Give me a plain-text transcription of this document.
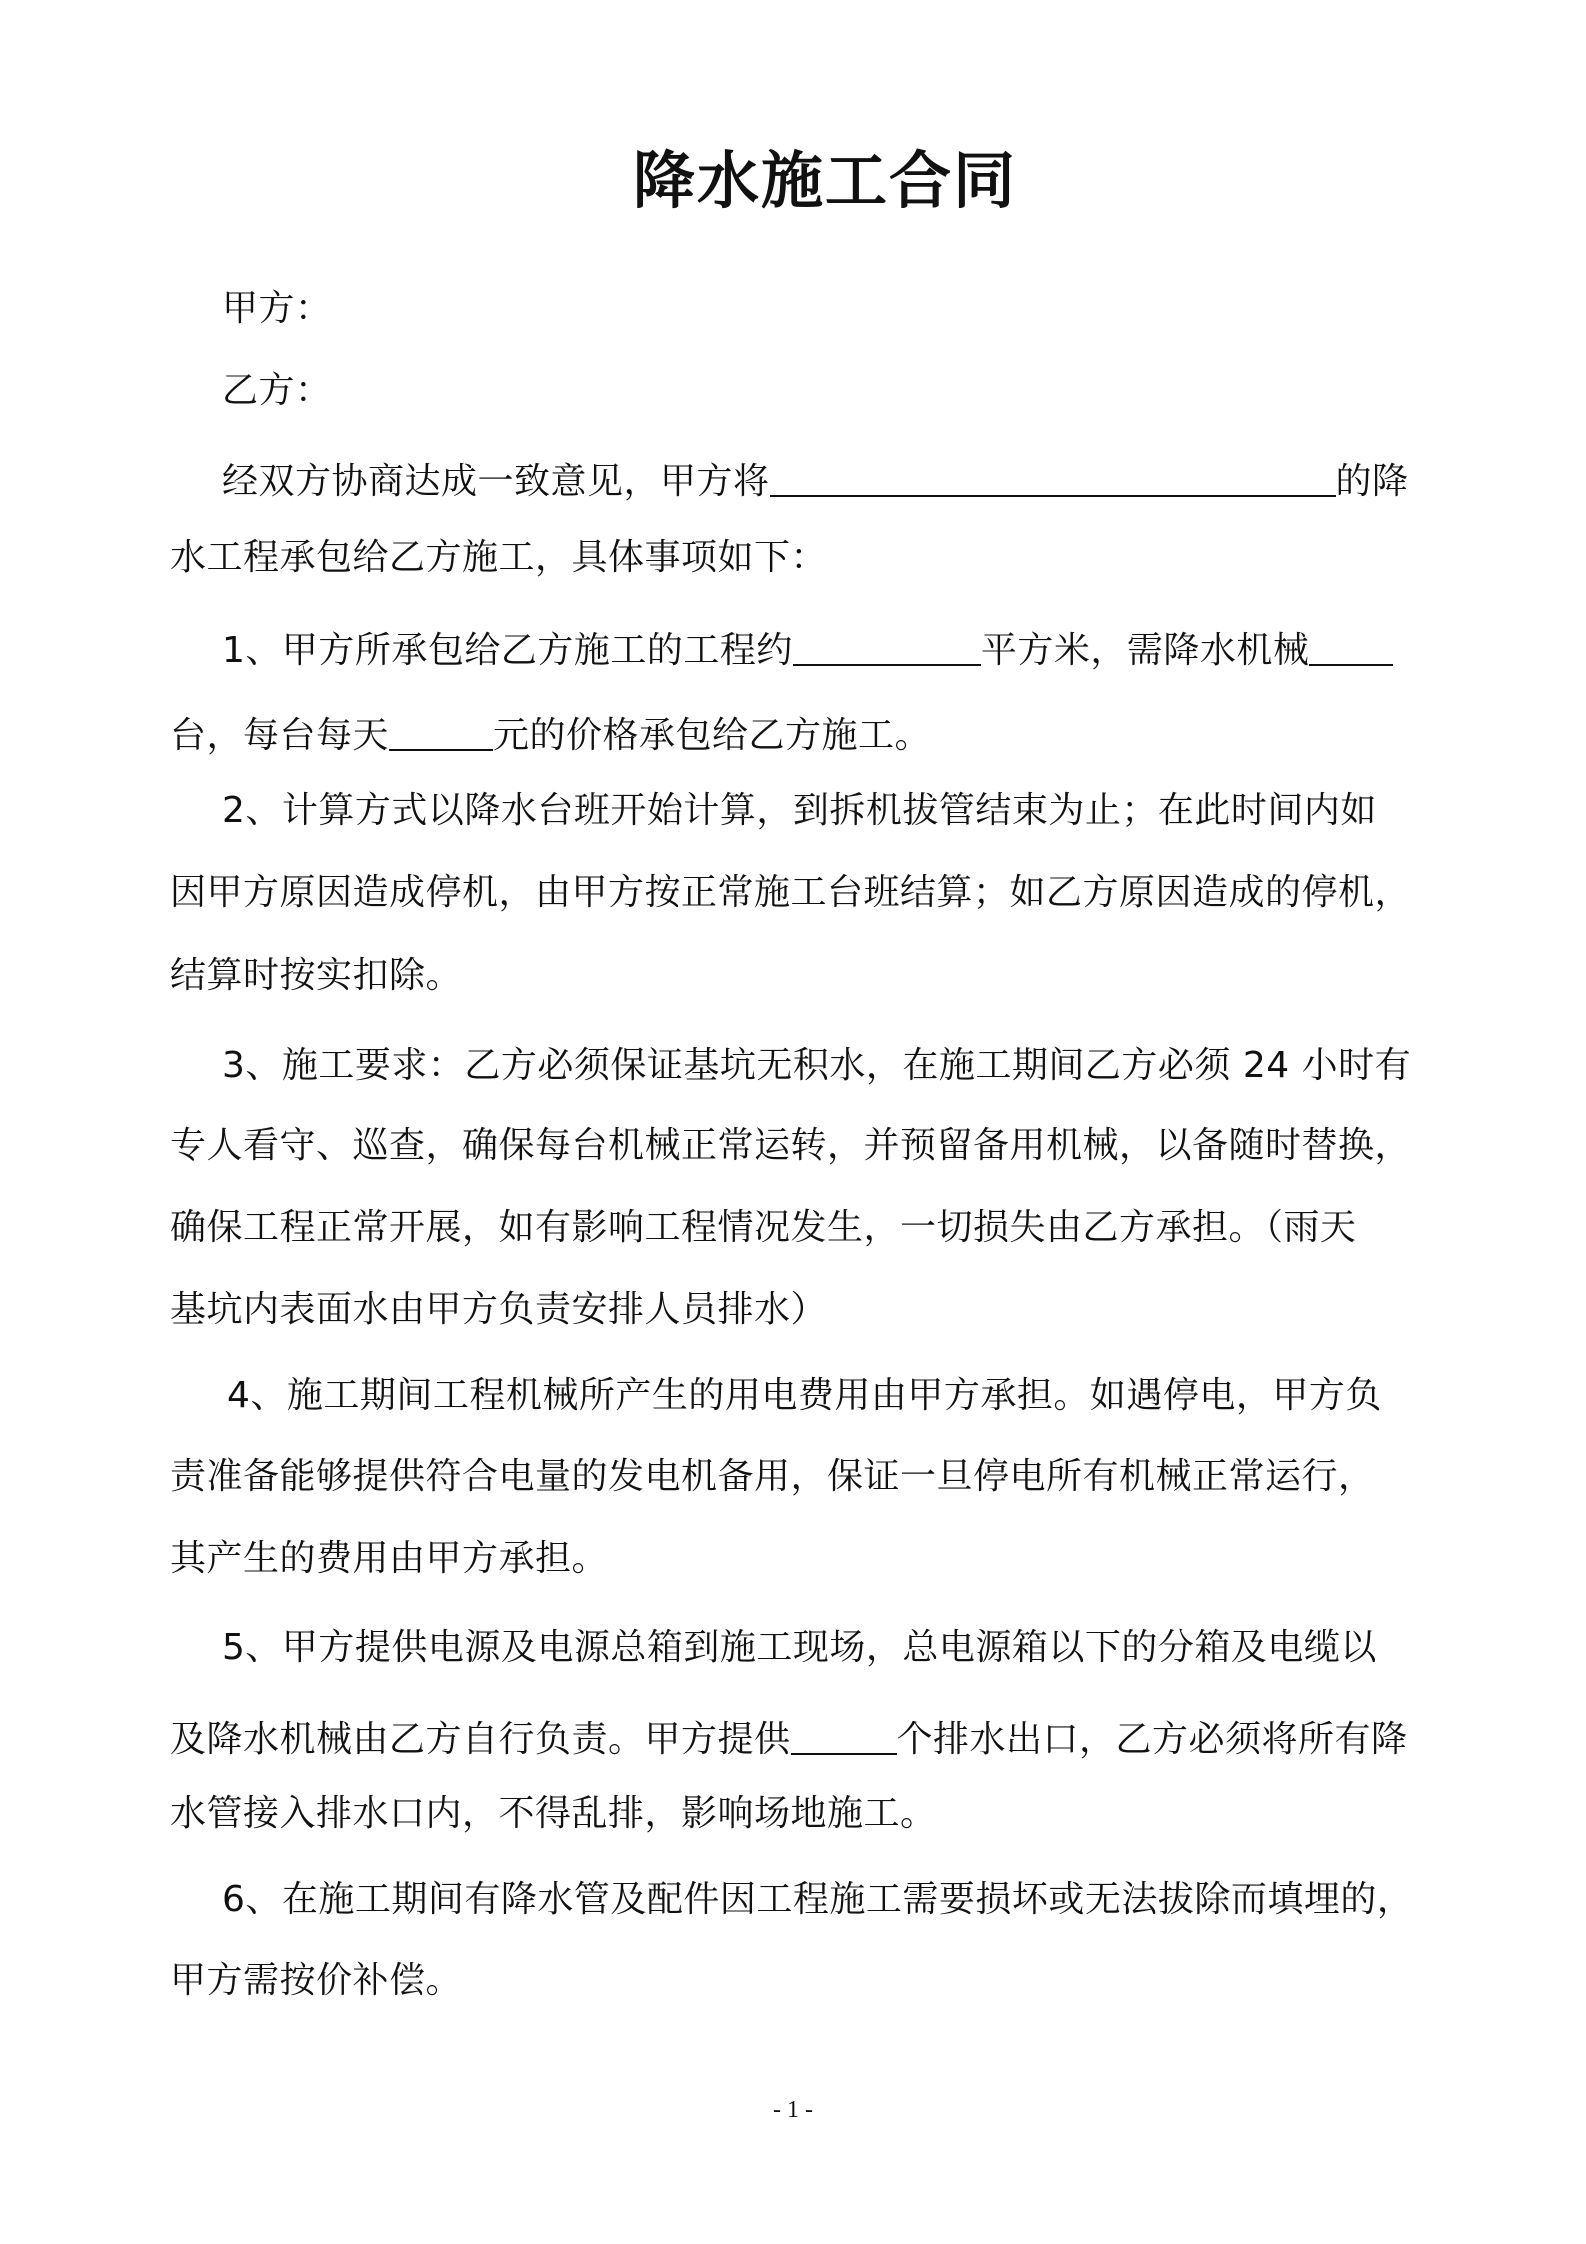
降水施工合同
甲方：
乙方：
经双方协商达成一致意见，甲方将	的降
水工程承包给乙方施工，具体事项如下：
1、甲方所承包给乙方施工的工程约	平方米，需降水机械
台，每台每天	元的价格承包给乙方施工。
2、计算方式以降水台班开始计算，到拆机拔管结束为止；在此时间内如
因甲方原因造成停机，由甲方按正常施工台班结算；如乙方原因造成的停机，
结算时按实扣除。
3、施工要求：乙方必须保证基坑无积水，在施工期间乙方必须 24 小时有
专人看守、巡查，确保每台机械正常运转，并预留备用机械，以备随时替换，
确保工程正常开展，如有影响工程情况发生，一切损失由乙方承担。（雨天
基坑内表面水由甲方负责安排人员排水）
4、施工期间工程机械所产生的用电费用由甲方承担。如遇停电，甲方负
责准备能够提供符合电量的发电机备用，保证一旦停电所有机械正常运行，
其产生的费用由甲方承担。
5、甲方提供电源及电源总箱到施工现场，总电源箱以下的分箱及电缆以
及降水机械由乙方自行负责。甲方提供	个排水出口，乙方必须将所有降
水管接入排水口内，不得乱排，影响场地施工。
6、在施工期间有降水管及配件因工程施工需要损坏或无法拔除而填埋的，
甲方需按价补偿。
- 1 -
